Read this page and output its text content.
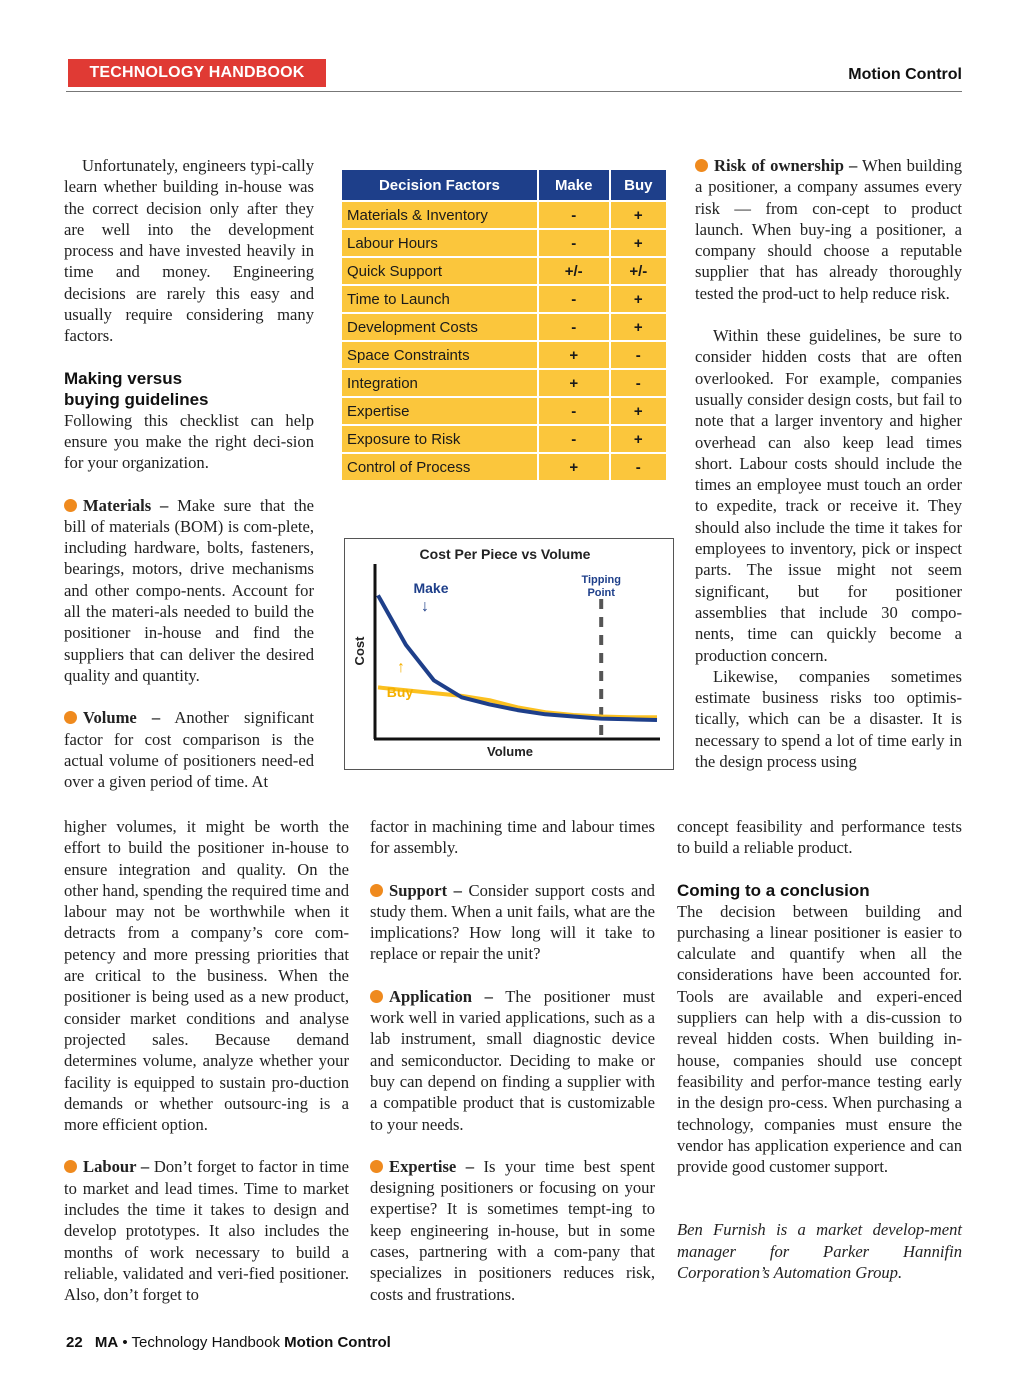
TECHNOLOGY HANDBOOK	Motion Control

Unfortunately, engineers typi-cally learn whether building in-house was the correct decision only after they are well into the development process and have invested heavily in time and money. Engineering decisions are rarely this easy and usually require considering many factors.

Making versus
buying guidelines

Following this checklist can help ensure you make the right deci-sion for your organization.

Materials – Make sure that the bill of materials (BOM) is com-plete, including hardware, bolts, fasteners, bearings, motors, drive mechanisms and other compo-nents. Account for all the materi-als needed to build the positioner in-house and find the suppliers that can deliver the desired quality and quantity.

Volume – Another significant factor for cost comparison is the actual volume of positioners need-ed over a given period of time. At

higher volumes, it might be worth the effort to build the positioner in-house to ensure integration and quality. On the other hand, spending the required time and labour may not be worthwhile when it detracts from a company’s core com-petency and more pressing priorities that are critical to the business. When the positioner is being used as a new product, consider market conditions and analyse projected sales. Because demand determines volume, analyze whether your facility is equipped to sustain pro-duction demands or whether outsourc-ing is a more efficient option.

Labour – Don’t forget to factor in time to market and lead times. Time to market includes the time it takes to design and develop prototypes. It also includes the months of work necessary to build a reliable, validated and veri-fied positioner. Also, don’t forget to

Decision Factors	Make	Buy
Materials & Inventory	-	+
Labour Hours	-	+
Quick Support	+/-	+/-
Time to Launch	-	+
Development Costs	-	+
Space Constraints	+	-
Integration	+	-
Expertise	-	+
Exposure to Risk	-	+
Control of Process	+	-
Cost Per Piece vs Volume
Cost
Volume
Tipping
Point
Make
↓
↑
Buy

factor in machining time and labour times for assembly.

Support – Consider support costs and study them. When a unit fails, what are the implications? How long will it take to replace or repair the unit?

Application – The positioner must work well in varied applications, such as a lab instrument, small diagnostic device and semiconductor. Deciding to make or buy can depend on finding a supplier with a compatible product that is customizable to your needs.

Expertise – Is your time best spent designing positioners or focusing on your expertise? It is sometimes tempt-ing to keep engineering in-house, but in some cases, partnering with a com-pany that specializes in positioners reduces risk, costs and frustrations.

Risk of ownership – When building a positioner, a company assumes every risk — from con-cept to product launch. When buy-ing a positioner, a company should choose a reputable supplier that has already thoroughly tested the prod-uct to help reduce risk.

Within these guidelines, be sure to consider hidden costs that are often overlooked. For example, companies usually consider design costs, but fail to note that a larger inventory and higher overhead can also keep lead times short. Labour costs should include the times an employee must touch an order to expedite, track or receive it. They should also include the time it takes for employees to inventory, pick or inspect parts. The issue might not seem significant, but for positioner assemblies that include 30 compo-nents, time can quickly become a production concern.

Likewise, companies sometimes estimate business risks too optimis-tically, which can be a disaster. It is necessary to spend a lot of time early in the design process using

concept feasibility and performance tests to build a reliable product.

Coming to a conclusion

The decision between building and purchasing a linear positioner is easier to calculate and quantify when all the considerations have been accounted for. Tools are available and experi-enced suppliers can help with a dis-cussion to reveal hidden costs. When building in-house, companies should use concept feasibility and perfor-mance testing early in the design pro-cess. When purchasing a technology, companies must ensure the vendor has application experience and can provide good customer support.

Ben Furnish is a market develop-ment manager for Parker Hannifin Corporation’s Automation Group.

22 MA • Technology Handbook Motion Control
